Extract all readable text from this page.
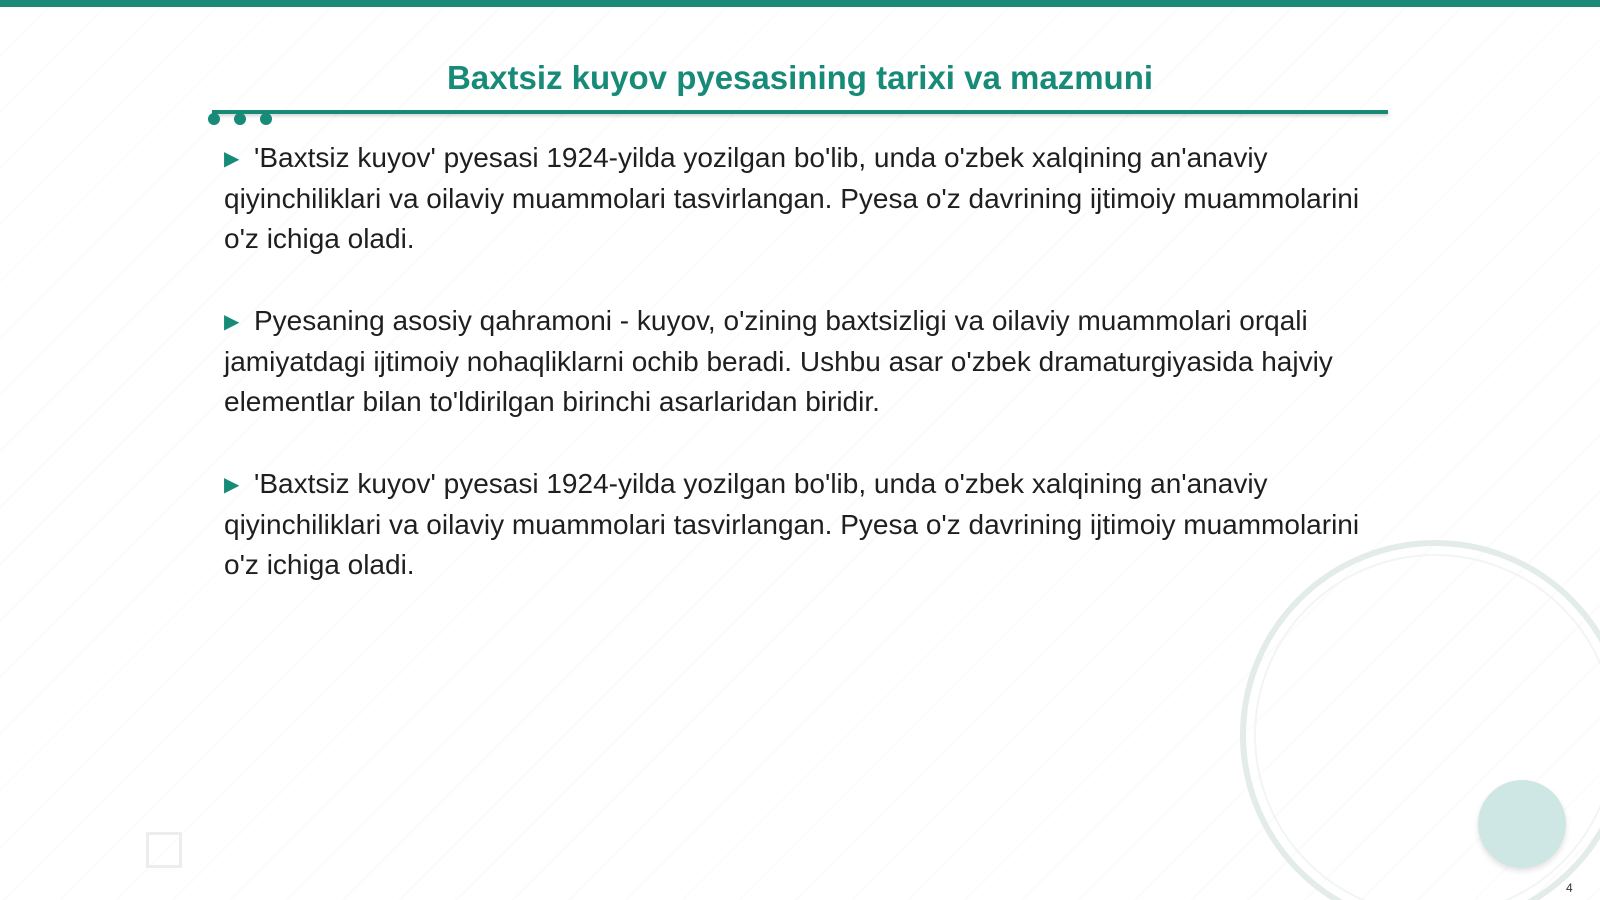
Baxtsiz kuyov pyesasining tarixi va mazmuni

▶ 'Baxtsiz kuyov' pyesasi 1924-yilda yozilgan bo'lib, unda o'zbek xalqining an'anaviy qiyinchiliklari va oilaviy muammolari tasvirlangan. Pyesa o'z davrining ijtimoiy muammolarini o'z ichiga oladi.

▶ Pyesaning asosiy qahramoni - kuyov, o'zining baxtsizligi va oilaviy muammolari orqali jamiyatdagi ijtimoiy nohaqliklarni ochib beradi. Ushbu asar o'zbek dramaturgiyasida hajviy elementlar bilan to'ldirilgan birinchi asarlaridan biridir.

▶ 'Baxtsiz kuyov' pyesasi 1924-yilda yozilgan bo'lib, unda o'zbek xalqining an'anaviy qiyinchiliklari va oilaviy muammolari tasvirlangan. Pyesa o'z davrining ijtimoiy muammolarini o'z ichiga oladi.

4
